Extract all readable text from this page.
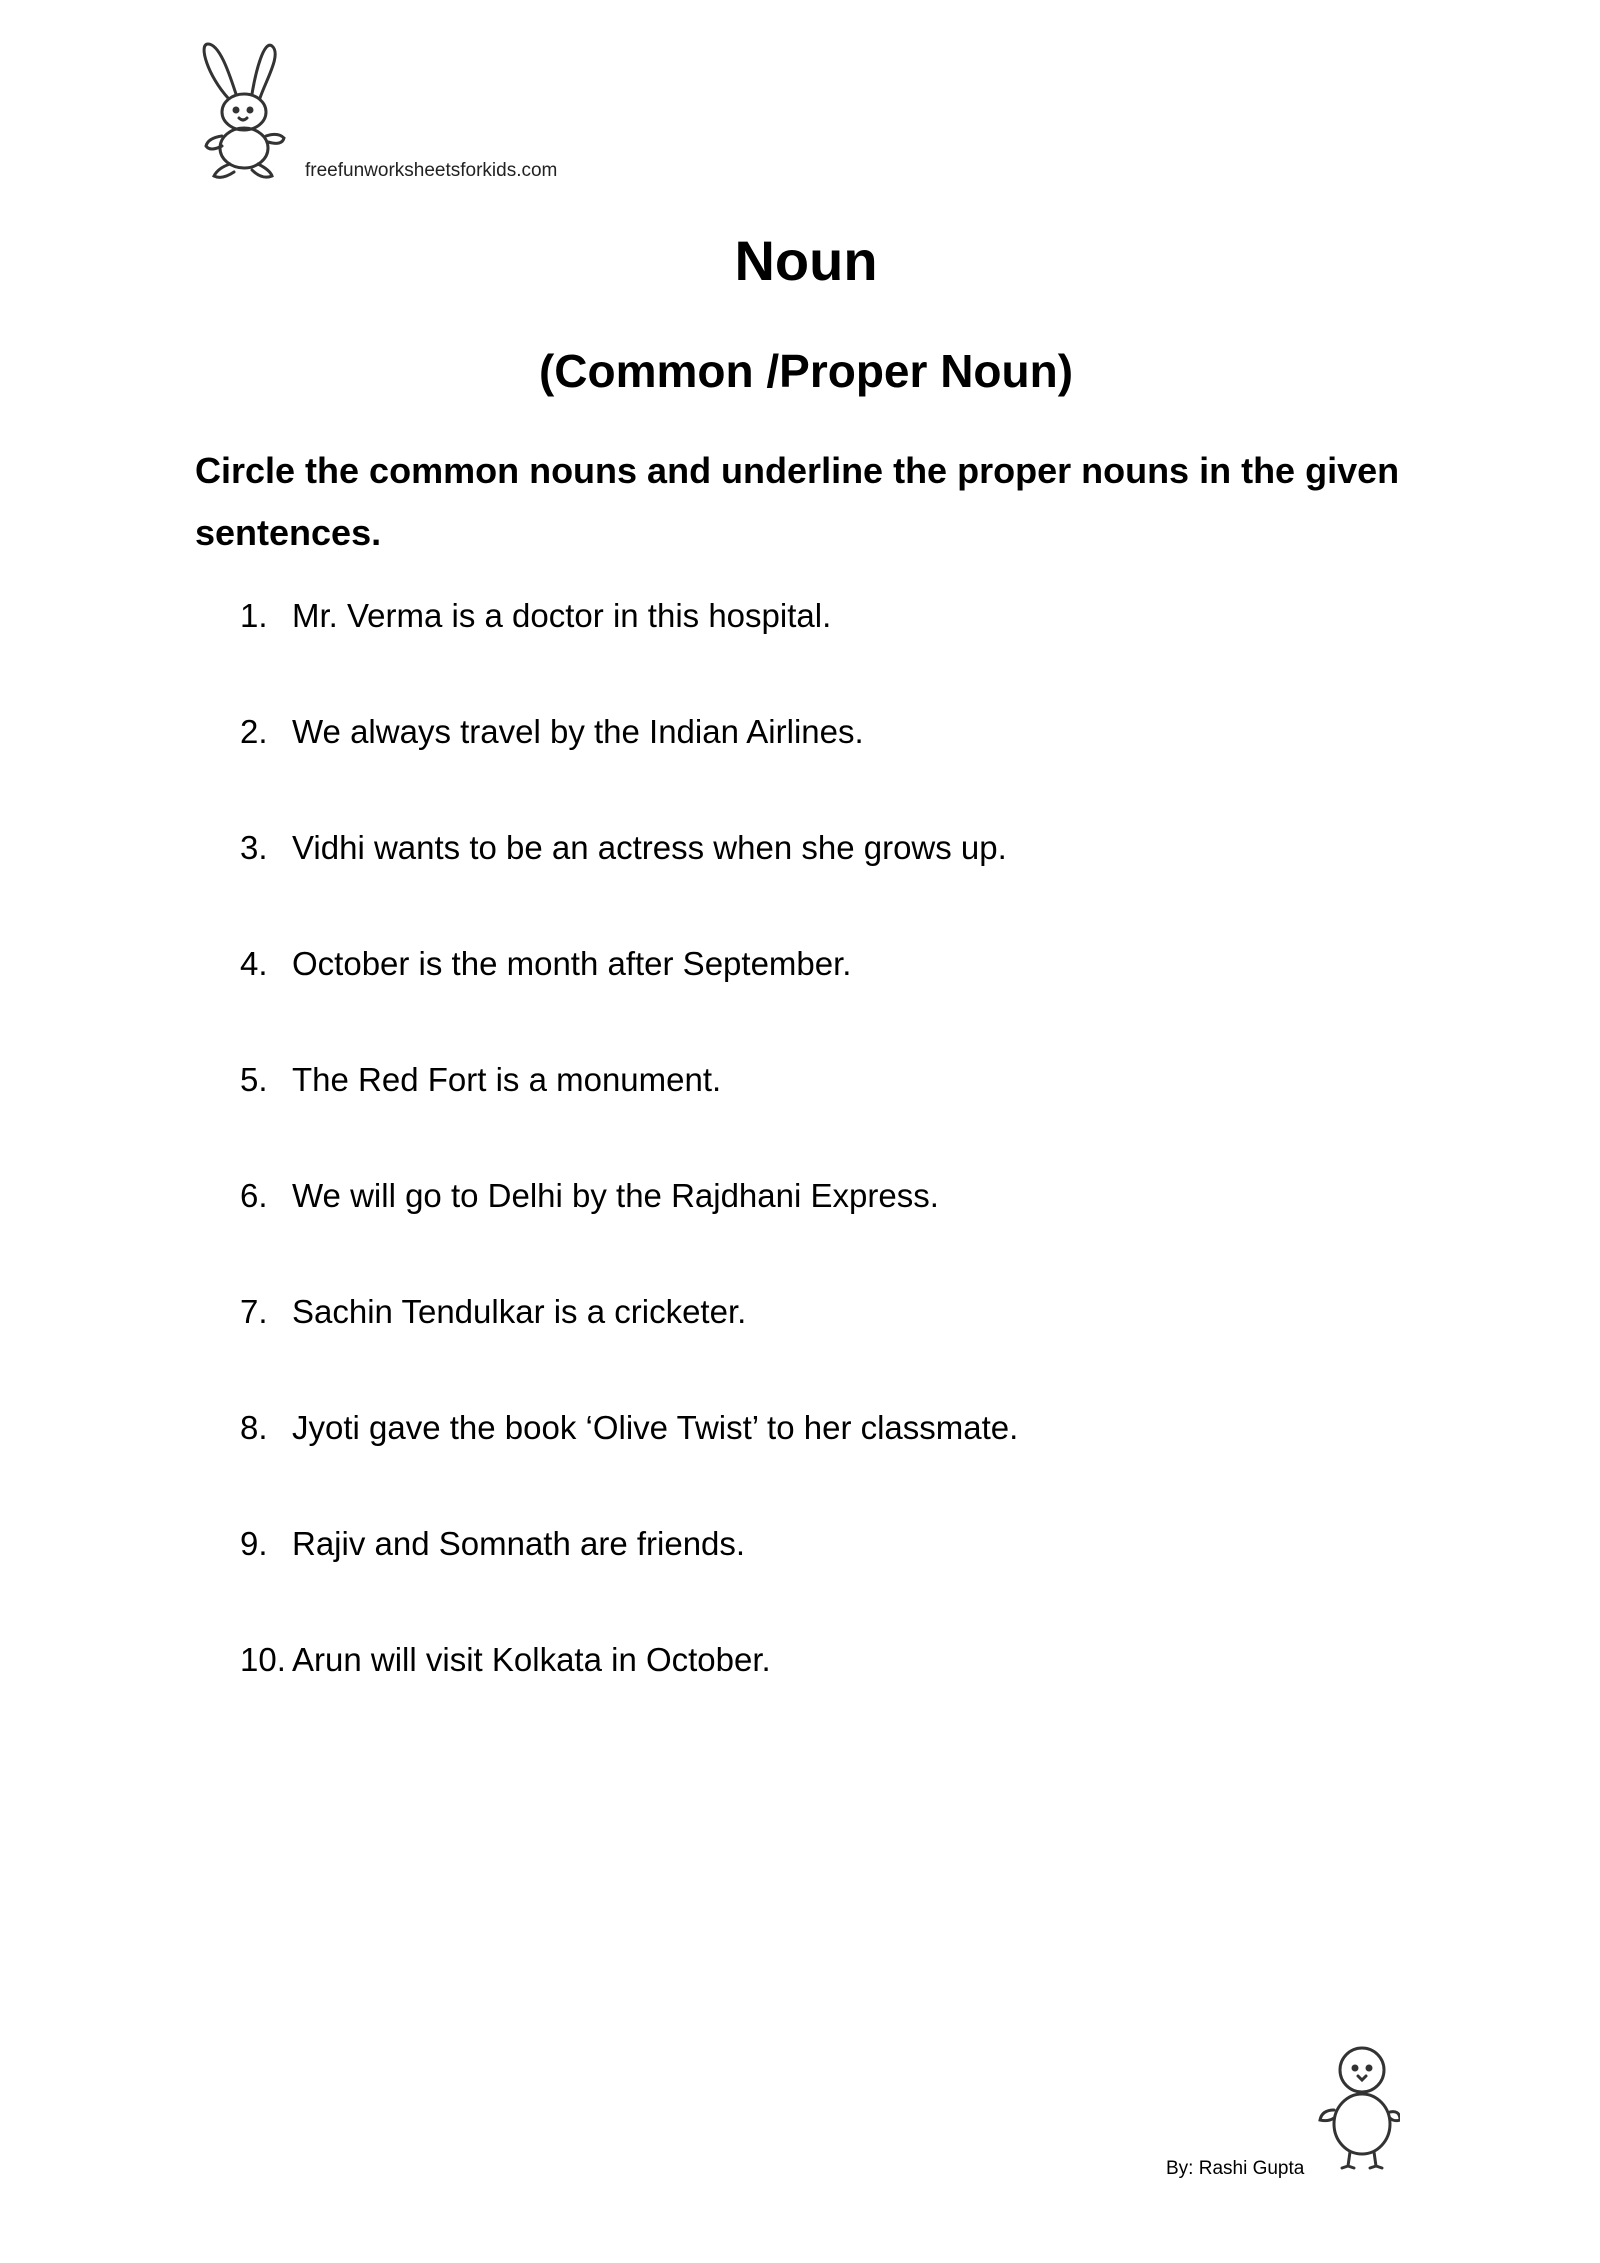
freefunworksheetsforkids.com
Noun
(Common /Proper Noun)
Circle the common nouns and underline the proper nouns in the given sentences.
1. Mr. Verma is a doctor in this hospital.
2. We always travel by the Indian Airlines.
3. Vidhi wants to be an actress when she grows up.
4. October is the month after September.
5. The Red Fort is a monument.
6. We will go to Delhi by the Rajdhani Express.
7. Sachin Tendulkar is a cricketer.
8. Jyoti gave the book ‘Olive Twist’ to her classmate.
9. Rajiv and Somnath are friends.
10. Arun will visit Kolkata in October.
By: Rashi Gupta
